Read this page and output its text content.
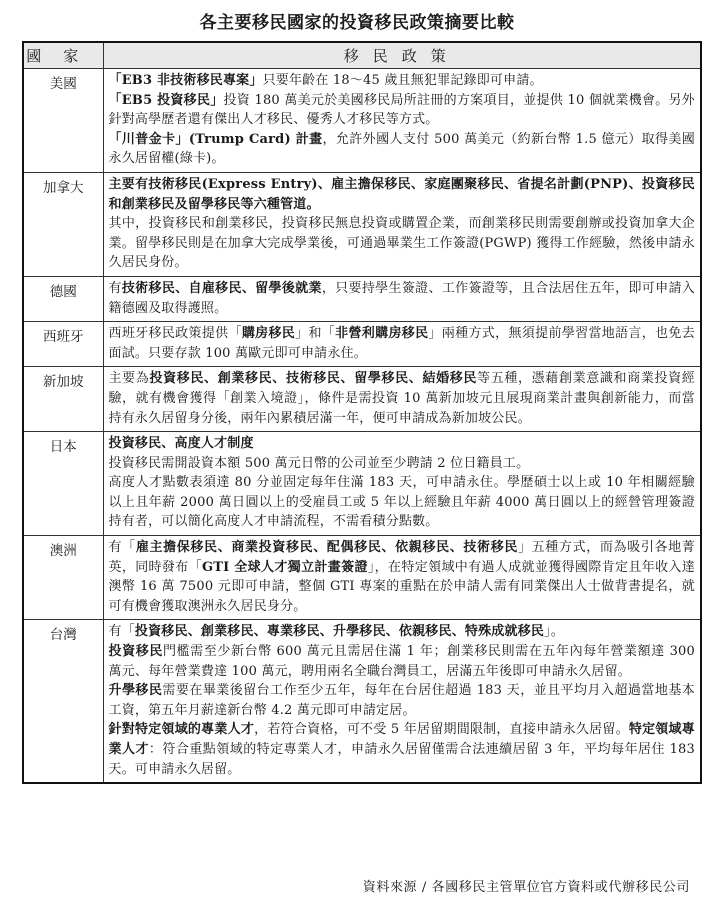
各主要移民國家的投資移民政策摘要比較
國家	移民政策
美國	「EB3 非技術移民專案」只要年齡在 18～45 歲且無犯罪記錄即可申請。

「EB5 投資移民」投資 180 萬美元於美國移民局所註冊的方案項目，並提供 10 個就業機會。另外針對高學歷者還有傑出人才移民、優秀人才移民等方式。

「川普金卡」(Trump Card) 計畫，允許外國人支付 500 萬美元（約新台幣 1.5 億元）取得美國永久居留權(綠卡)。

加拿大	主要有技術移民(Express Entry)、雇主擔保移民、家庭團聚移民、省提名計劃(PNP)、投資移民和創業移民及留學移民等六種管道。

其中，投資移民和創業移民，投資移民無息投資或購置企業，而創業移民則需要創辦或投資加拿大企業。留學移民則是在加拿大完成學業後，可通過畢業生工作簽證(PGWP) 獲得工作經驗，然後申請永久居民身份。

德國	有技術移民、自雇移民、留學後就業，只要持學生簽證、工作簽證等，且合法居住五年，即可申請入籍德國及取得護照。

西班牙	西班牙移民政策提供「購房移民」和「非營利購房移民」兩種方式，無須提前學習當地語言，也免去面試。只要存款 100 萬歐元即可申請永住。

新加坡	主要為投資移民、創業移民、技術移民、留學移民、結婚移民等五種，憑藉創業意識和商業投資經驗，就有機會獲得「創業入境證」，條件是需投資 10 萬新加坡元且展現商業計畫與創新能力，而當持有永久居留身分後，兩年內累積居滿一年，便可申請成為新加坡公民。

日本	投資移民、高度人才制度

投資移民需開設資本額 500 萬元日幣的公司並至少聘請 2 位日籍員工。

高度人才點數表須達 80 分並固定每年住滿 183 天，可申請永住。學歷碩士以上或 10 年相關經驗以上且年薪 2000 萬日圓以上的受雇員工或 5 年以上經驗且年薪 4000 萬日圓以上的經營管理簽證持有者，可以簡化高度人才申請流程，不需看積分點數。

澳洲	有「雇主擔保移民、商業投資移民、配偶移民、依親移民、技術移民」五種方式，而為吸引各地菁英，同時發布「GTI 全球人才獨立計畫簽證」，在特定領域中有過人成就並獲得國際肯定且年收入達澳幣 16 萬 7500 元即可申請，整個 GTI 專案的重點在於申請人需有同業傑出人士做背書提名，就可有機會獲取澳洲永久居民身分。

台灣	有「投資移民、創業移民、專業移民、升學移民、依親移民、特殊成就移民」。

投資移民門檻需至少新台幣 600 萬元且需居住滿 1 年；創業移民則需在五年內每年營業額達 300 萬元、每年營業費達 100 萬元，聘用兩名全職台灣員工，居滿五年後即可申請永久居留。

升學移民需要在畢業後留台工作至少五年，每年在台居住超過 183 天，並且平均月入超過當地基本工資，第五年月薪達新台幣 4.2 萬元即可申請定居。

針對特定領域的專業人才，若符合資格，可不受 5 年居留期間限制，直接申請永久居留。特定領域專業人才：符合重點領域的特定專業人才，申請永久居留僅需合法連續居留 3 年，平均每年居住 183 天。可申請永久居留。

資料來源 / 各國移民主管單位官方資料或代辦移民公司
